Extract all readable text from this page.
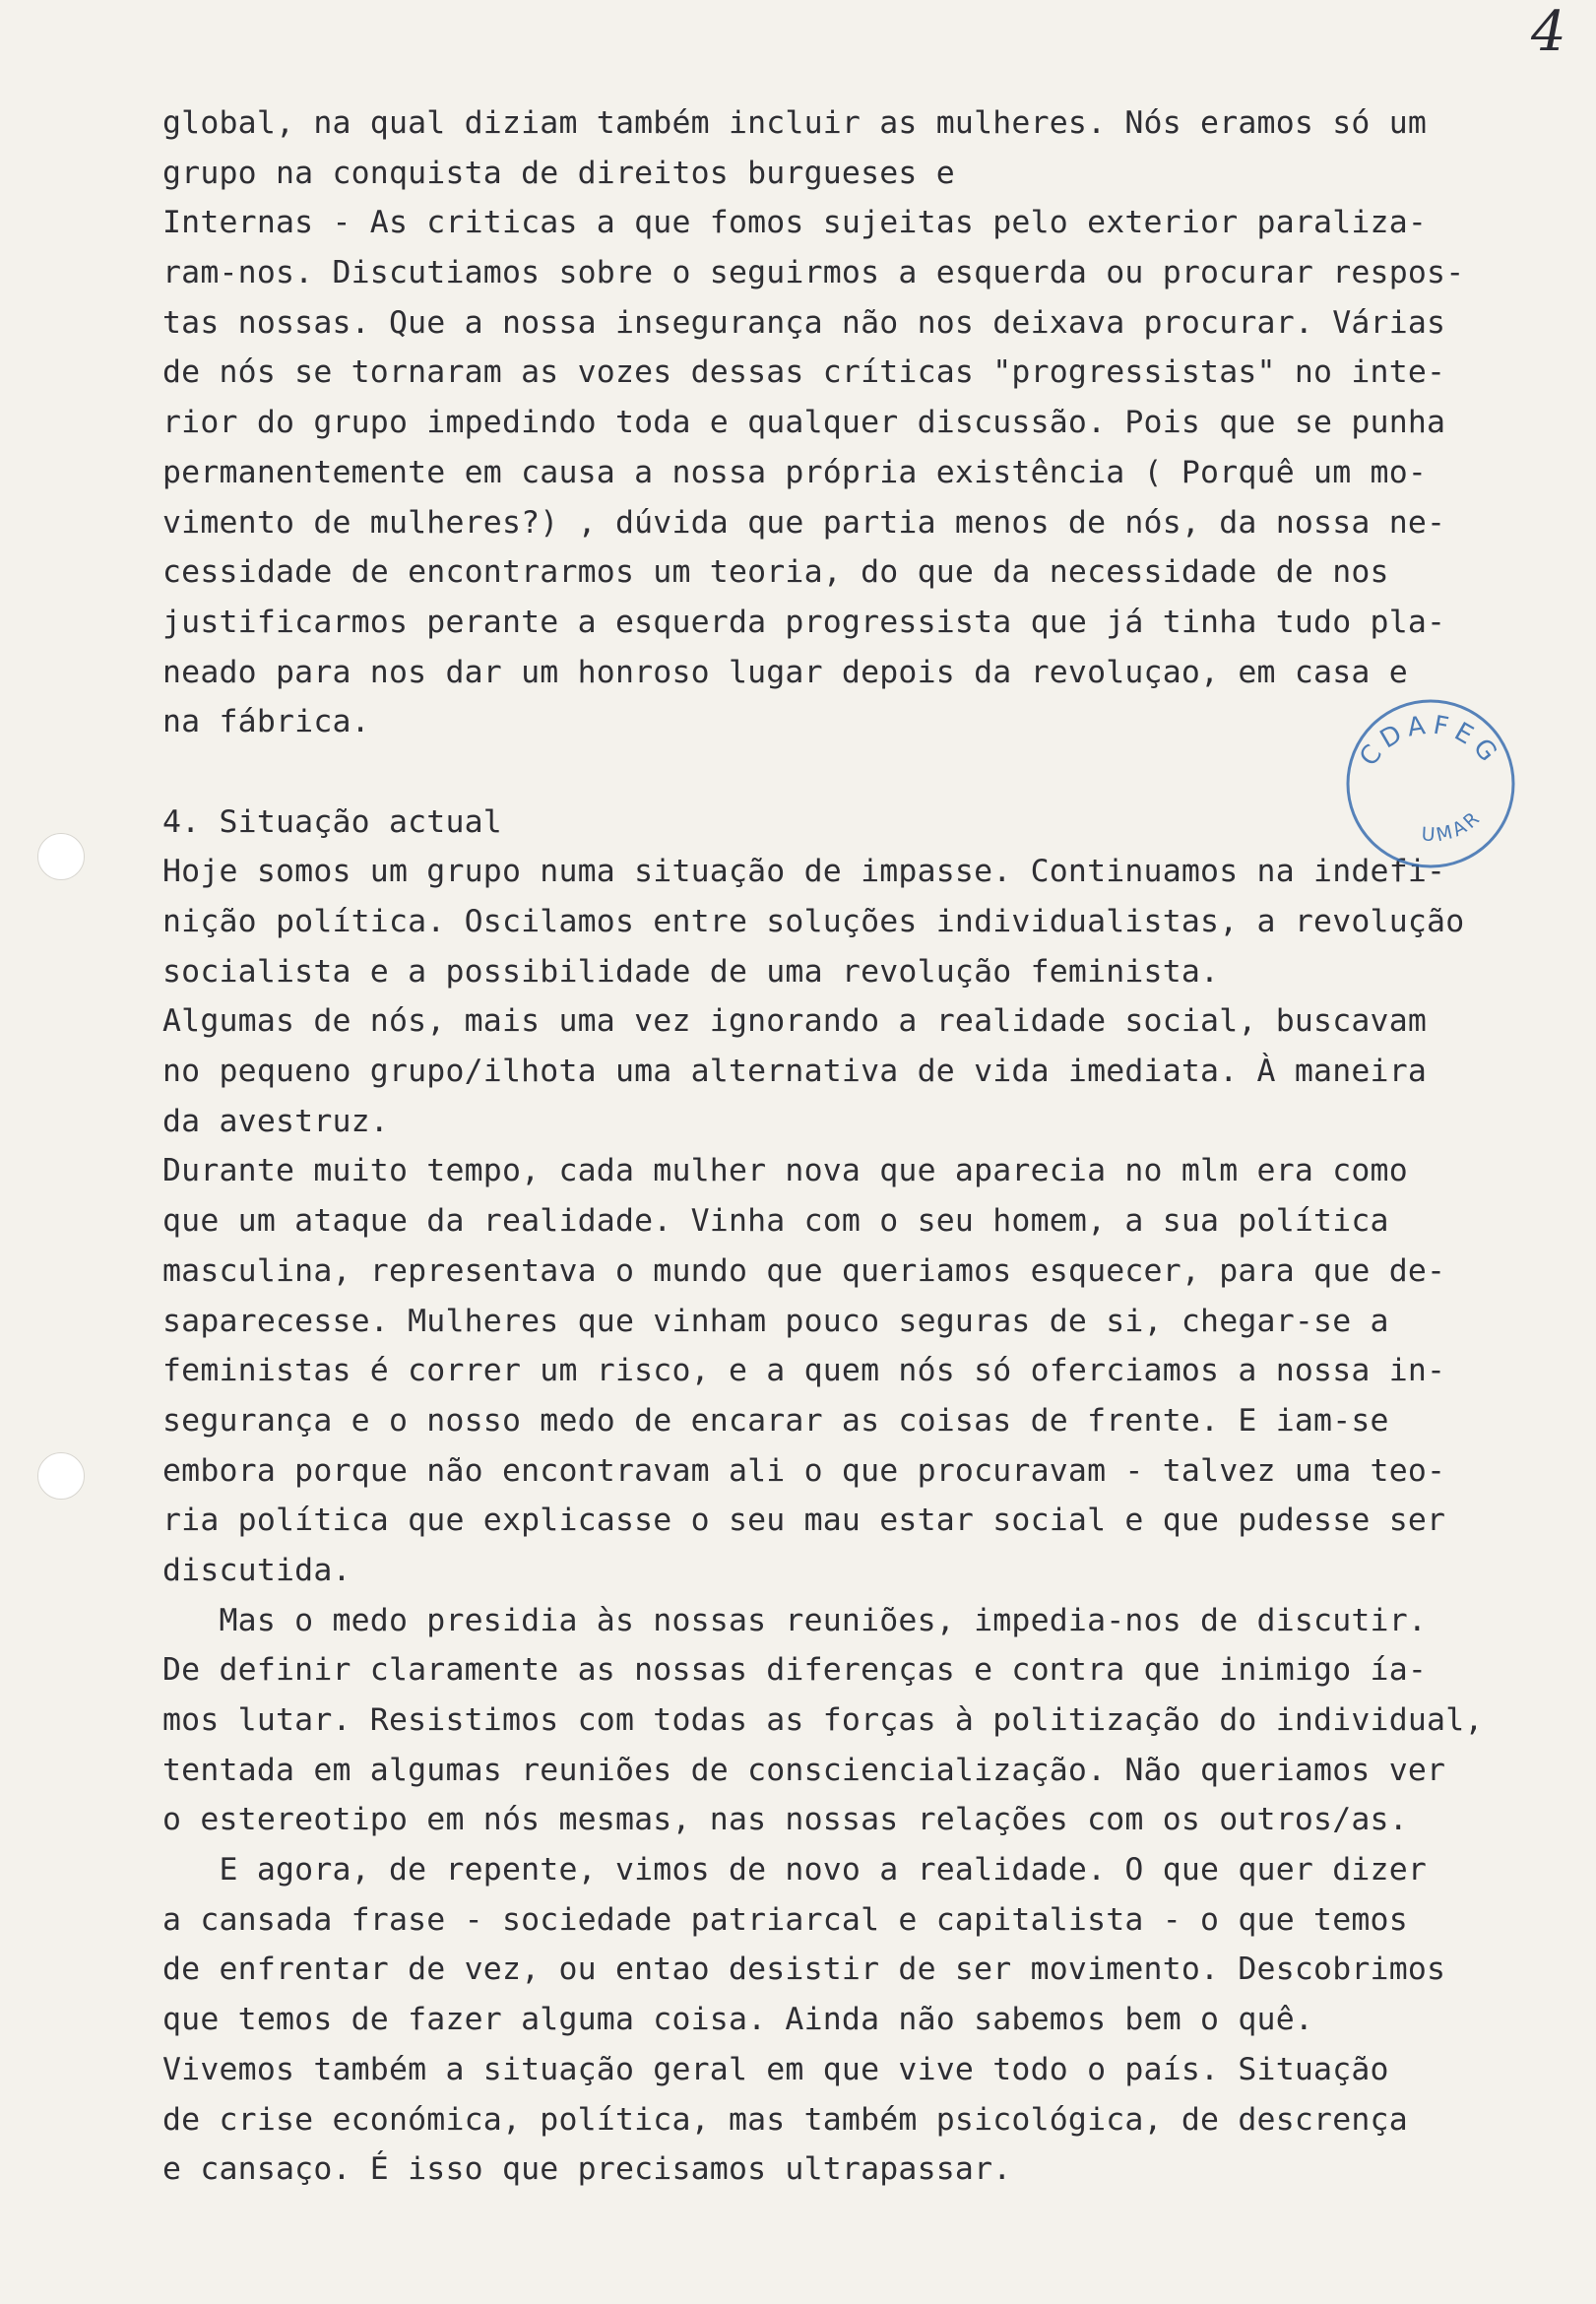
4
global, na qual diziam também incluir as mulheres. Nós eramos só um
grupo na conquista de direitos burgueses e
Internas - As criticas a que fomos sujeitas pelo exterior paraliza-
ram-nos. Discutiamos sobre o seguirmos a esquerda ou procurar respos-
tas nossas. Que a nossa insegurança não nos deixava procurar. Várias
de nós se tornaram as vozes dessas críticas "progressistas" no inte-
rior do grupo impedindo toda e qualquer discussão. Pois que se punha
permanentemente em causa a nossa própria existência ( Porquê um mo-
vimento de mulheres?) , dúvida que partia menos de nós, da nossa ne-
cessidade de encontrarmos um teoria, do que da necessidade de nos
justificarmos perante a esquerda progressista que já tinha tudo pla-
neado para nos dar um honroso lugar depois da revoluçao, em casa e
na fábrica.
4. Situação actual
Hoje somos um grupo numa situação de impasse. Continuamos na indefi-
nição política. Oscilamos entre soluções individualistas, a revolução
socialista e a possibilidade de uma revolução feminista.
Algumas de nós, mais uma vez ignorando a realidade social, buscavam
no pequeno grupo/ilhota uma alternativa de vida imediata. À maneira
da avestruz.
Durante muito tempo, cada mulher nova que aparecia no mlm era como
que um ataque da realidade. Vinha com o seu homem, a sua política
masculina, representava o mundo que queriamos esquecer, para que de-
saparecesse. Mulheres que vinham pouco seguras de si, chegar-se a
feministas é correr um risco, e a quem nós só oferciamos a nossa in-
segurança e o nosso medo de encarar as coisas de frente. E iam-se
embora porque não encontravam ali o que procuravam - talvez uma teo-
ria política que explicasse o seu mau estar social e que pudesse ser
discutida.
Mas o medo presidia às nossas reuniões, impedia-nos de discutir.
De definir claramente as nossas diferenças e contra que inimigo ía-
mos lutar. Resistimos com todas as forças à politização do individual,
tentada em algumas reuniões de consciencialização. Não queriamos ver
o estereotipo em nós mesmas, nas nossas relações com os outros/as.
E agora, de repente, vimos de novo a realidade. O que quer dizer
a cansada frase - sociedade patriarcal e capitalista - o que temos
de enfrentar de vez, ou entao desistir de ser movimento. Descobrimos
que temos de fazer alguma coisa. Ainda não sabemos bem o quê.
Vivemos também a situação geral em que vive todo o país. Situação
de crise económica, política, mas também psicológica, de descrença
e cansaço. É isso que precisamos ultrapassar.
CDAFEG
UMAR
